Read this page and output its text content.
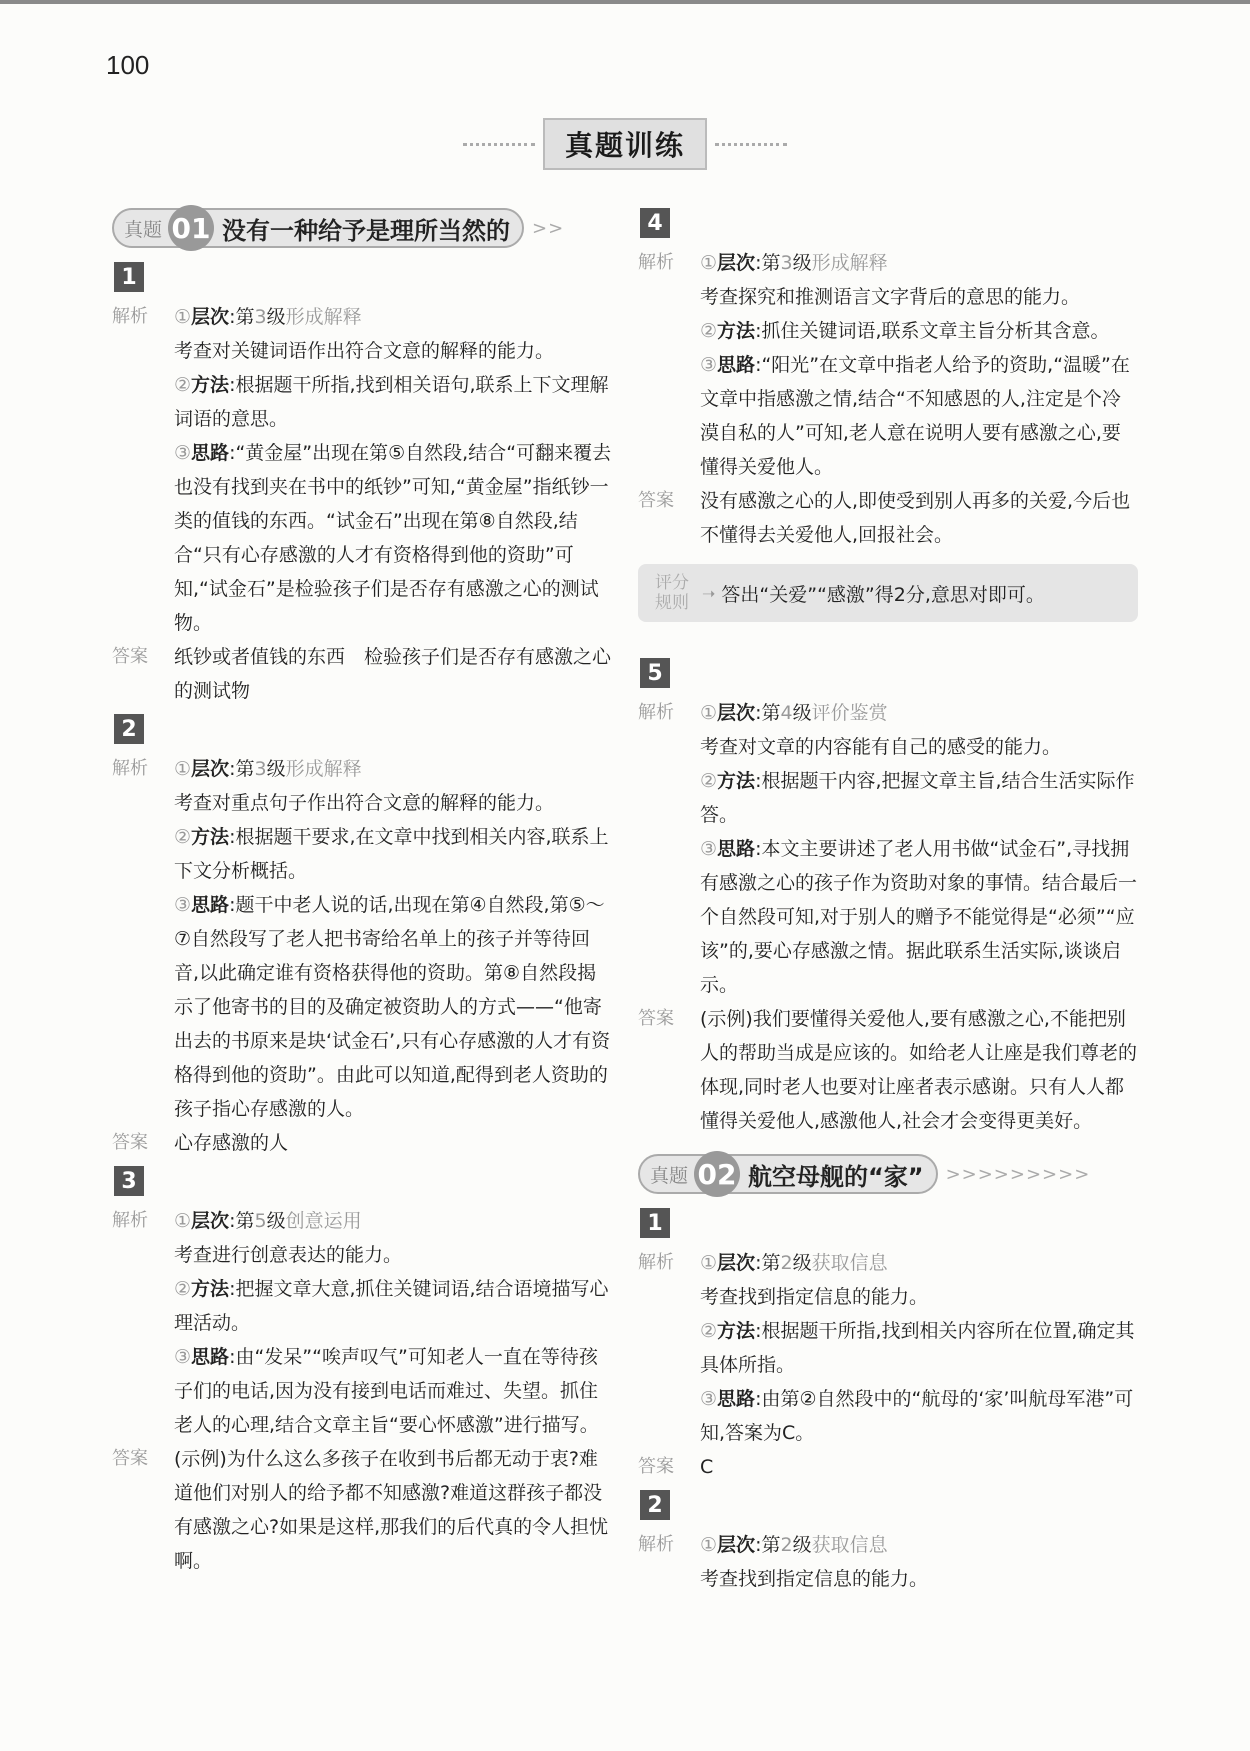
100
真题训练
真题 01 没有一种给予是理所当然的 >>
1
解析	①层次:第3级形成解释

考查对关键词语作出符合文意的解释的能力。

②方法:根据题干所指,找到相关语句,联系上下文理解词语的意思。

③思路:“黄金屋”出现在第⑤自然段,结合“可翻来覆去也没有找到夹在书中的纸钞”可知,“黄金屋”指纸钞一类的值钱的东西。“试金石”出现在第⑧自然段,结合“只有心存感激的人才有资格得到他的资助”可知,“试金石”是检验孩子们是否存有感激之心的测试物。

答案	纸钞或者值钱的东西　检验孩子们是否存有感激之心的测试物
2
解析	①层次:第3级形成解释

考查对重点句子作出符合文意的解释的能力。

②方法:根据题干要求,在文章中找到相关内容,联系上下文分析概括。

③思路:题干中老人说的话,出现在第④自然段,第⑤～⑦自然段写了老人把书寄给名单上的孩子并等待回音,以此确定谁有资格获得他的资助。第⑧自然段揭示了他寄书的目的及确定被资助人的方式——“他寄出去的书原来是块‘试金石’,只有心存感激的人才有资格得到他的资助”。由此可以知道,配得到老人资助的孩子指心存感激的人。

答案	心存感激的人
3
解析	①层次:第5级创意运用

考查进行创意表达的能力。

②方法:把握文章大意,抓住关键词语,结合语境描写心理活动。

③思路:由“发呆”“唉声叹气”可知老人一直在等待孩子们的电话,因为没有接到电话而难过、失望。抓住老人的心理,结合文章主旨“要心怀感激”进行描写。

答案	(示例)为什么这么多孩子在收到书后都无动于衷?难道他们对别人的给予都不知感激?难道这群孩子都没有感激之心?如果是这样,那我们的后代真的令人担忧啊。
4
解析	①层次:第3级形成解释

考查探究和推测语言文字背后的意思的能力。

②方法:抓住关键词语,联系文章主旨分析其含意。

③思路:“阳光”在文章中指老人给予的资助,“温暖”在文章中指感激之情,结合“不知感恩的人,注定是个冷漠自私的人”可知,老人意在说明人要有感激之心,要懂得关爱他人。

答案	没有感激之心的人,即使受到别人再多的关爱,今后也不懂得去关爱他人,回报社会。
评分规则 ➝ 答出“关爱”“感激”得2分,意思对即可。
5
解析	①层次:第4级评价鉴赏

考查对文章的内容能有自己的感受的能力。

②方法:根据题干内容,把握文章主旨,结合生活实际作答。

③思路:本文主要讲述了老人用书做“试金石”,寻找拥有感激之心的孩子作为资助对象的事情。结合最后一个自然段可知,对于别人的赠予不能觉得是“必须”“应该”的,要心存感激之情。据此联系生活实际,谈谈启示。

答案	(示例)我们要懂得关爱他人,要有感激之心,不能把别人的帮助当成是应该的。如给老人让座是我们尊老的体现,同时老人也要对让座者表示感谢。只有人人都懂得关爱他人,感激他人,社会才会变得更美好。
真题 02 航空母舰的“家” >>>>>>>>>
1
解析	①层次:第2级获取信息

考查找到指定信息的能力。

②方法:根据题干所指,找到相关内容所在位置,确定其具体所指。

③思路:由第②自然段中的“航母的‘家’叫航母军港”可知,答案为C。

答案	C
2
解析	①层次:第2级获取信息

考查找到指定信息的能力。
